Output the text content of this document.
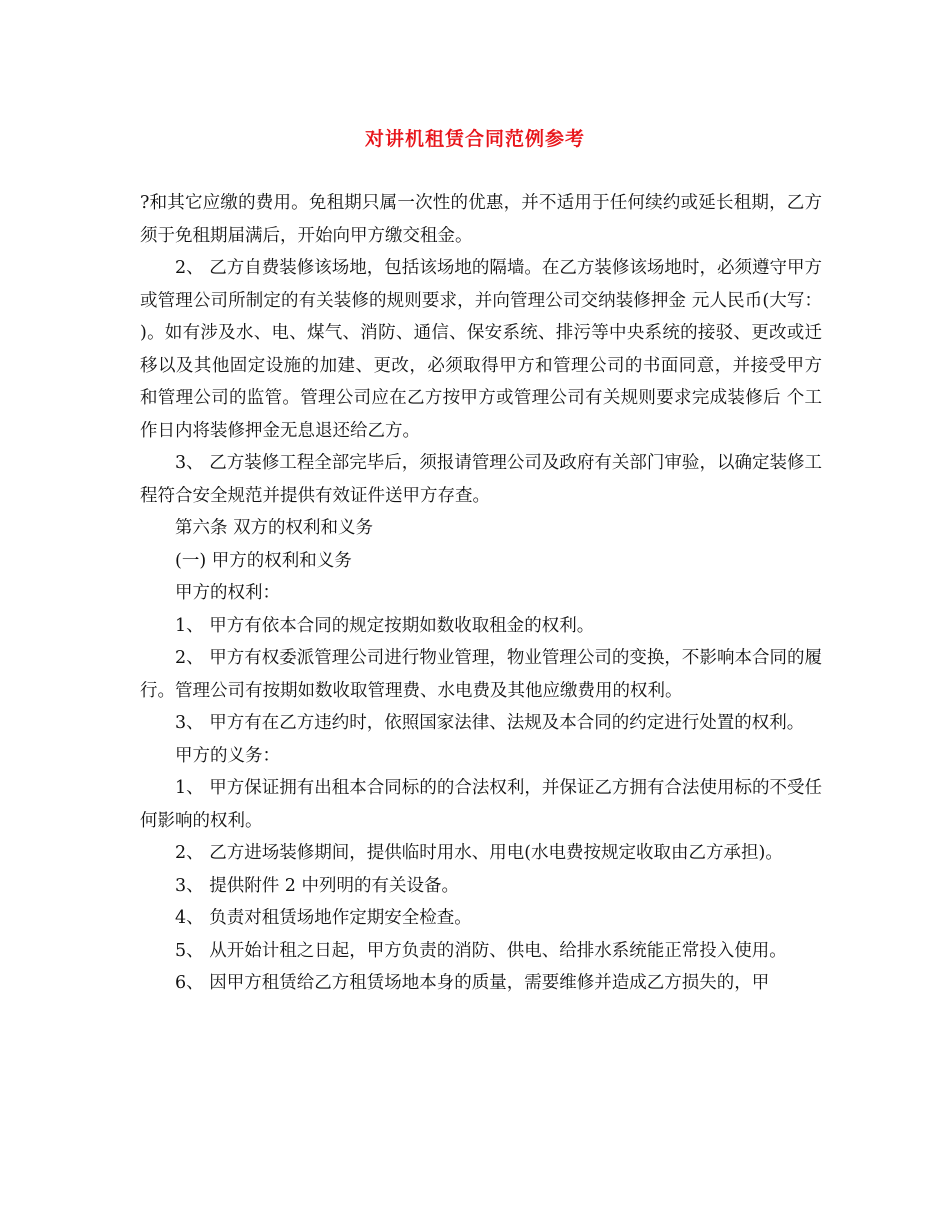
对讲机租赁合同范例参考

?和其它应缴的费用。免租期只属一次性的优惠，并不适用于任何续约或延长租期，乙方须于免租期届满后，开始向甲方缴交租金。

2、 乙方自费装修该场地，包括该场地的隔墙。在乙方装修该场地时，必须遵守甲方或管理公司所制定的有关装修的规则要求，并向管理公司交纳装修押金 元人民币(大写： )。如有涉及水、电、煤气、消防、通信、保安系统、排污等中央系统的接驳、更改或迁移以及其他固定设施的加建、更改，必须取得甲方和管理公司的书面同意，并接受甲方和管理公司的监管。管理公司应在乙方按甲方或管理公司有关规则要求完成装修后 个工作日内将装修押金无息退还给乙方。

3、 乙方装修工程全部完毕后，须报请管理公司及政府有关部门审验，以确定装修工程符合安全规范并提供有效证件送甲方存查。

第六条 双方的权利和义务

(一) 甲方的权利和义务

甲方的权利：

1、 甲方有依本合同的规定按期如数收取租金的权利。

2、 甲方有权委派管理公司进行物业管理，物业管理公司的变换，不影响本合同的履行。管理公司有按期如数收取管理费、水电费及其他应缴费用的权利。

3、 甲方有在乙方违约时，依照国家法律、法规及本合同的约定进行处置的权利。

甲方的义务：

1、 甲方保证拥有出租本合同标的的合法权利，并保证乙方拥有合法使用标的不受任何影响的权利。

2、 乙方进场装修期间，提供临时用水、用电(水电费按规定收取由乙方承担)。

3、 提供附件 2 中列明的有关设备。

4、 负责对租赁场地作定期安全检查。

5、 从开始计租之日起，甲方负责的消防、供电、给排水系统能正常投入使用。

6、 因甲方租赁给乙方租赁场地本身的质量，需要维修并造成乙方损失的，甲
